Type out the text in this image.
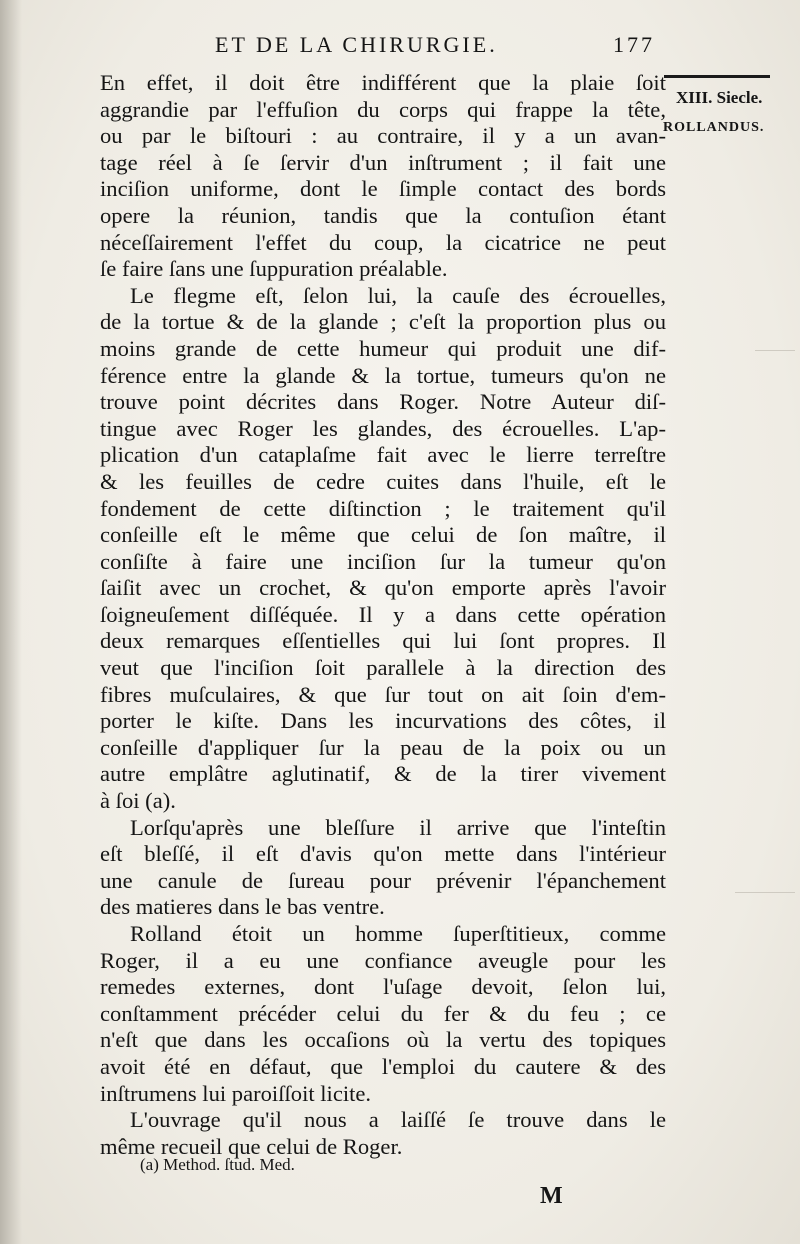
ET DE LA CHIRURGIE.	177
XIII. Siecle.
ROLLANDUS.
En effet, il doit être indifférent que la plaie ſoit
aggrandie par l'effuſion du corps qui frappe la tête,
ou par le biſtouri : au contraire, il y a un avan-
tage réel à ſe ſervir d'un inſtrument ; il fait une
inciſion uniforme, dont le ſimple contact des bords
opere la réunion, tandis que la contuſion étant
néceſſairement l'effet du coup, la cicatrice ne peut
ſe faire ſans une ſuppuration préalable.
Le flegme eſt, ſelon lui, la cauſe des écrouelles,
de la tortue & de la glande ; c'eſt la proportion plus ou
moins grande de cette humeur qui produit une dif-
férence entre la glande & la tortue, tumeurs qu'on ne
trouve point décrites dans Roger. Notre Auteur diſ-
tingue avec Roger les glandes, des écrouelles. L'ap-
plication d'un cataplaſme fait avec le lierre terreſtre
& les feuilles de cedre cuites dans l'huile, eſt le
fondement de cette diſtinction ; le traitement qu'il
conſeille eſt le même que celui de ſon maître, il
conſiſte à faire une inciſion ſur la tumeur qu'on
ſaiſit avec un crochet, & qu'on emporte après l'avoir
ſoigneuſement diſſéquée. Il y a dans cette opération
deux remarques eſſentielles qui lui ſont propres. Il
veut que l'inciſion ſoit parallele à la direction des
fibres muſculaires, & que ſur tout on ait ſoin d'em-
porter le kiſte. Dans les incurvations des côtes, il
conſeille d'appliquer ſur la peau de la poix ou un
autre emplâtre aglutinatif, & de la tirer vivement
à ſoi (a).
Lorſqu'après une bleſſure il arrive que l'inteſtin
eſt bleſſé, il eſt d'avis qu'on mette dans l'intérieur
une canule de ſureau pour prévenir l'épanchement
des matieres dans le bas ventre.
Rolland étoit un homme ſuperſtitieux, comme
Roger, il a eu une confiance aveugle pour les
remedes externes, dont l'uſage devoit, ſelon lui,
conſtamment précéder celui du fer & du feu ; ce
n'eſt que dans les occaſions où la vertu des topiques
avoit été en défaut, que l'emploi du cautere & des
inſtrumens lui paroiſſoit licite.
L'ouvrage qu'il nous a laiſſé ſe trouve dans le
même recueil que celui de Roger.
(a) Method. ſtud. Med.
M
